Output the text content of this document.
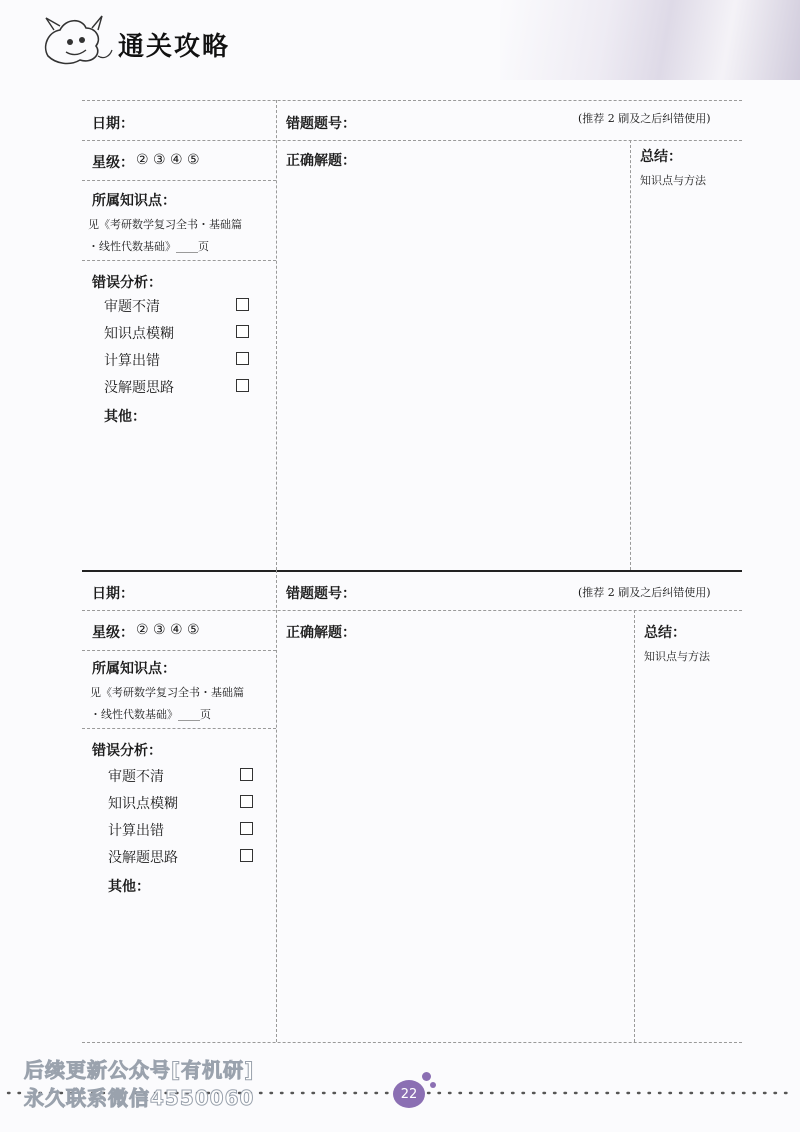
通关攻略
日期：	错题题号：	(推荐 2 刷及之后纠错使用)
星级： ② ③ ④ ⑤	正确解题：	总结：
知识点与方法
所属知识点：
见《考研数学复习全书・基础篇
・线性代数基础》____页
错误分析：
审题不清
知识点模糊
计算出错
没解题思路
其他：
日期：	错题题号：	(推荐 2 刷及之后纠错使用)
星级： ② ③ ④ ⑤	正确解题：	总结：
知识点与方法
所属知识点：
见《考研数学复习全书・基础篇
・线性代数基础》____页
错误分析：
审题不清
知识点模糊
计算出错
没解题思路
其他：
22
后续更新公众号[有机研]
永久联系微信4550060
